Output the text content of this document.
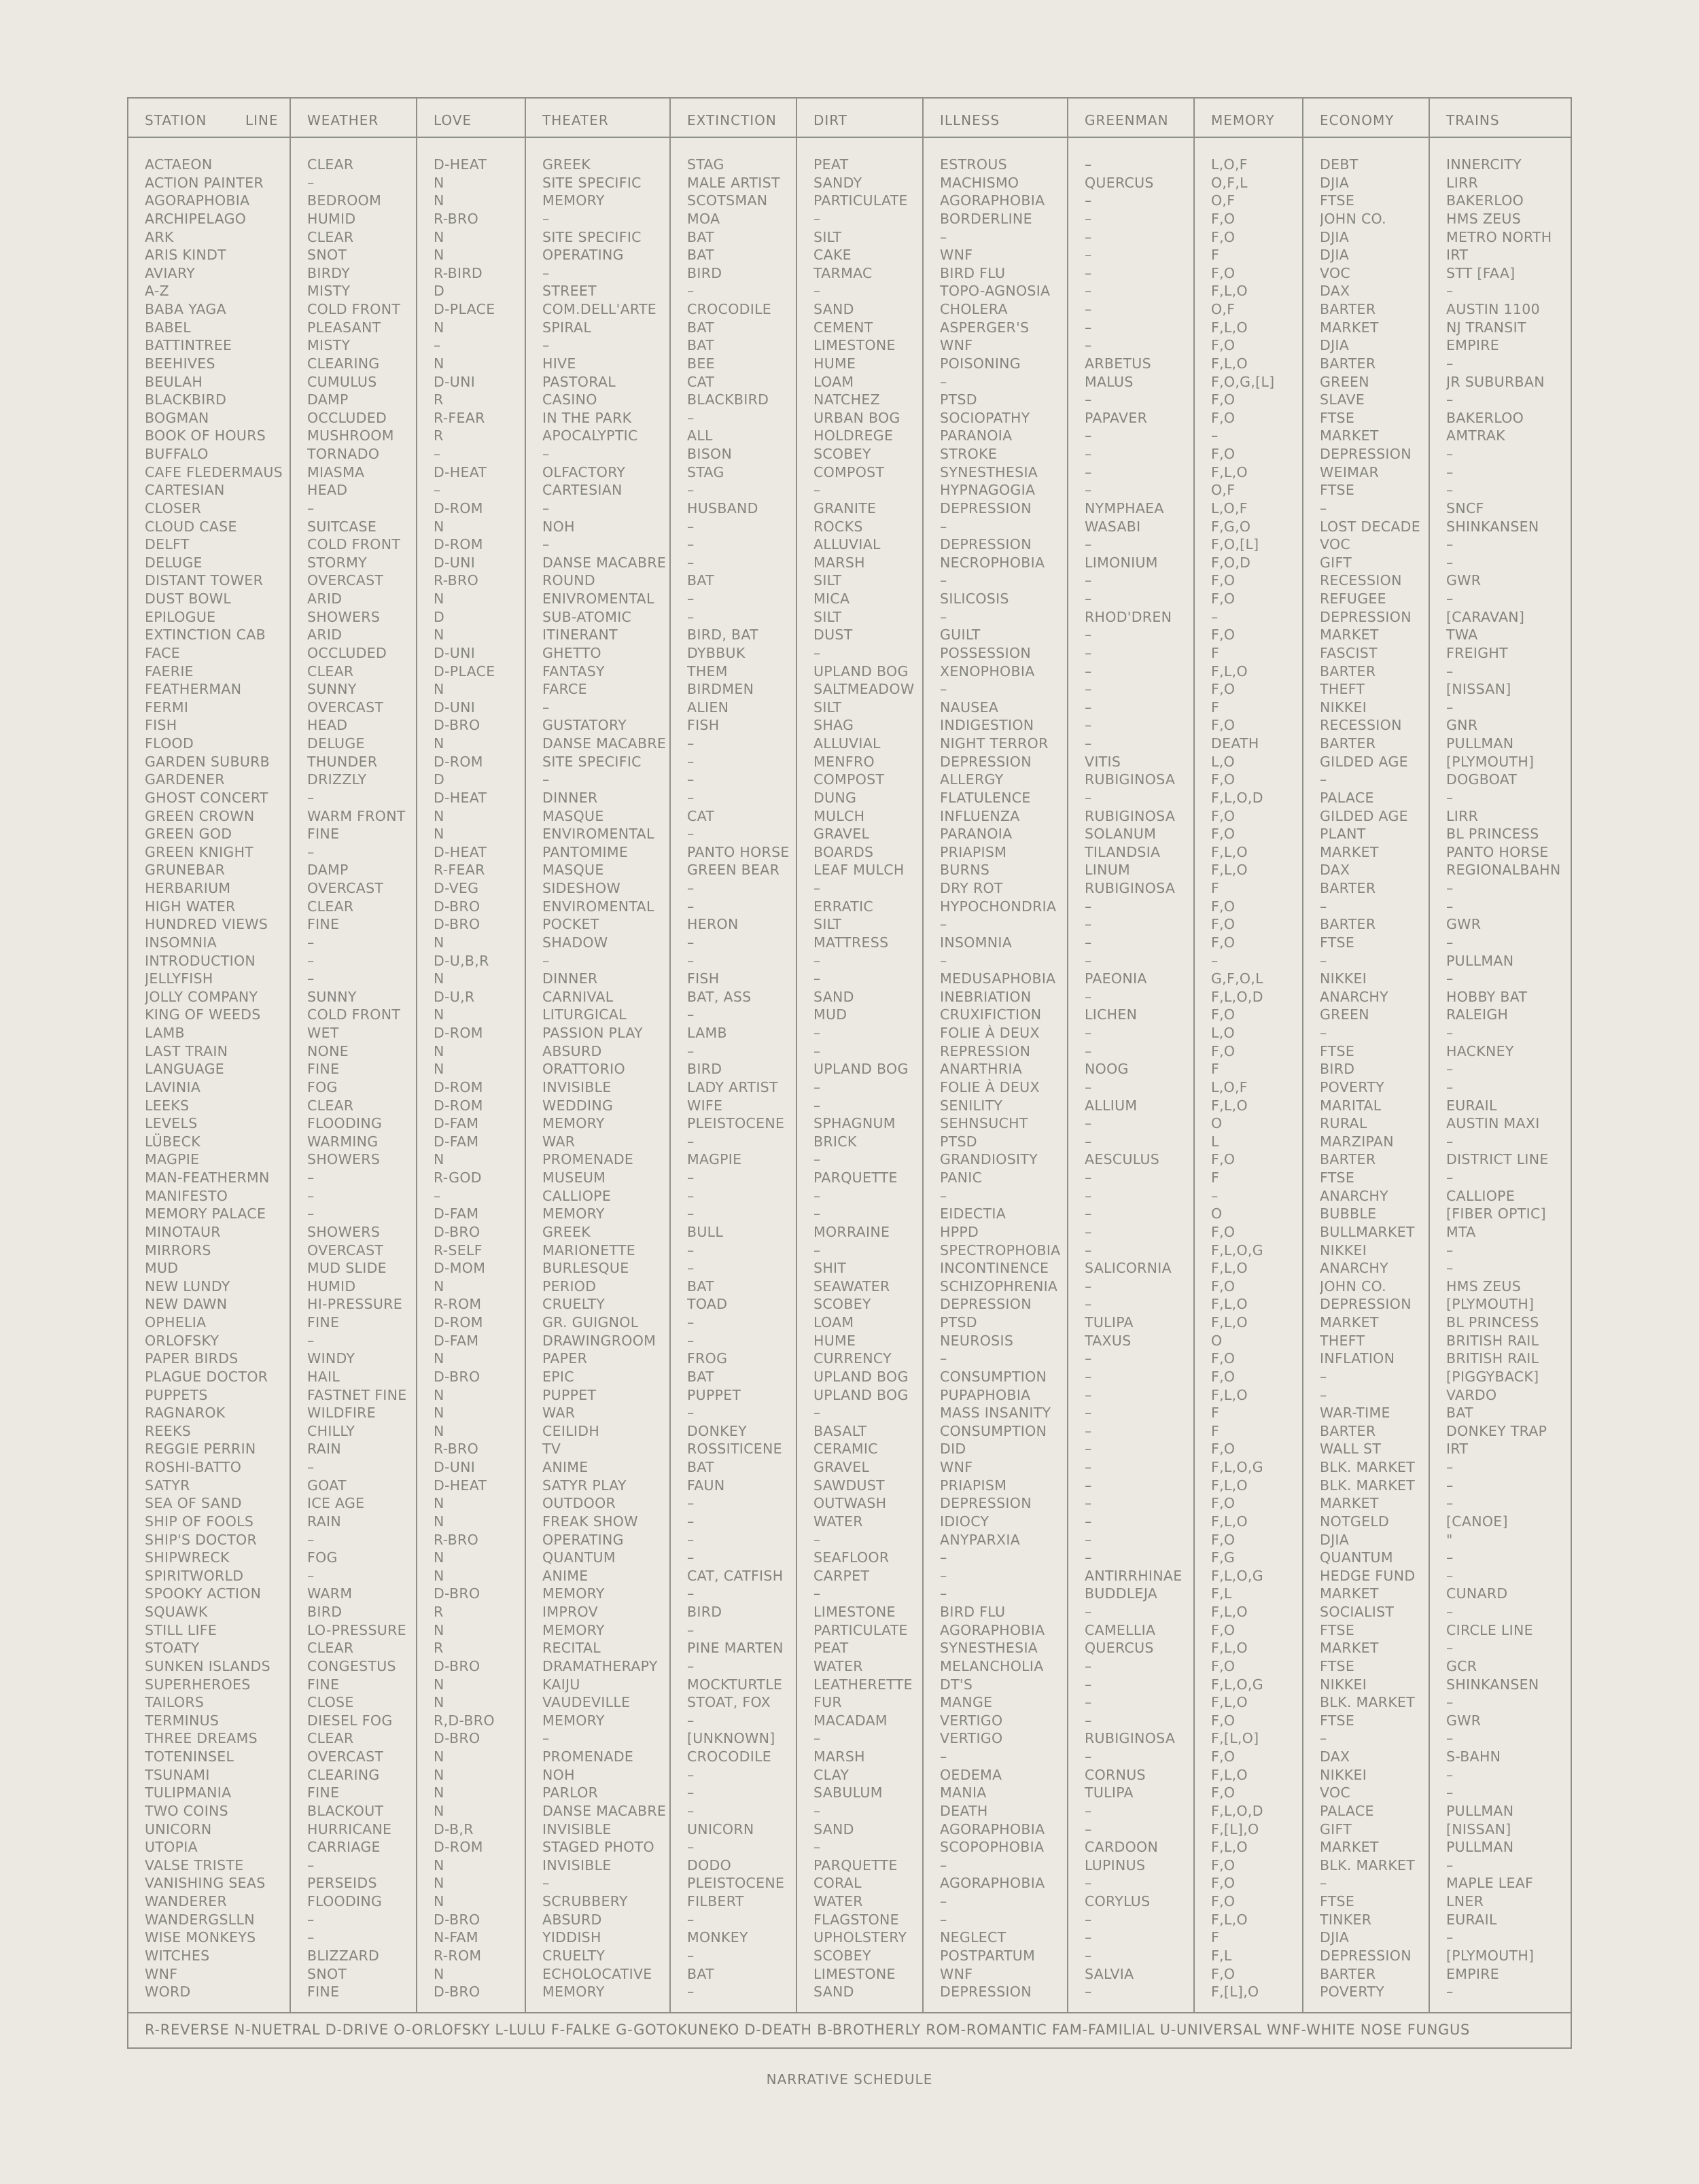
STATION	LINE
ACTAEON
ACTION PAINTER
AGORAPHOBIA
ARCHIPELAGO
ARK
ARIS KINDT
AVIARY
A-Z
BABA YAGA
BABEL
BATTINTREE
BEEHIVES
BEULAH
BLACKBIRD
BOGMAN
BOOK OF HOURS
BUFFALO
CAFE FLEDERMAUS
CARTESIAN
CLOSER
CLOUD CASE
DELFT
DELUGE
DISTANT TOWER
DUST BOWL
EPILOGUE
EXTINCTION CAB
FACE
FAERIE
FEATHERMAN
FERMI
FISH
FLOOD
GARDEN SUBURB
GARDENER
GHOST CONCERT
GREEN CROWN
GREEN GOD
GREEN KNIGHT
GRUNEBAR
HERBARIUM
HIGH WATER
HUNDRED VIEWS
INSOMNIA
INTRODUCTION
JELLYFISH
JOLLY COMPANY
KING OF WEEDS
LAMB
LAST TRAIN
LANGUAGE
LAVINIA
LEEKS
LEVELS
LÜBECK
MAGPIE
MAN-FEATHERMN
MANIFESTO
MEMORY PALACE
MINOTAUR
MIRRORS
MUD
NEW LUNDY
NEW DAWN
OPHELIA
ORLOFSKY
PAPER BIRDS
PLAGUE DOCTOR
PUPPETS
RAGNAROK
REEKS
REGGIE PERRIN
ROSHI-BATTO
SATYR
SEA OF SAND
SHIP OF FOOLS
SHIP'S DOCTOR
SHIPWRECK
SPIRITWORLD
SPOOKY ACTION
SQUAWK
STILL LIFE
STOATY
SUNKEN ISLANDS
SUPERHEROES
TAILORS
TERMINUS
THREE DREAMS
TOTENINSEL
TSUNAMI
TULIPMANIA
TWO COINS
UNICORN
UTOPIA
VALSE TRISTE
VANISHING SEAS
WANDERER
WANDERGSLLN
WISE MONKEYS
WITCHES
WNF
WORD
WEATHER
CLEAR
–
BEDROOM
HUMID
CLEAR
SNOT
BIRDY
MISTY
COLD FRONT
PLEASANT
MISTY
CLEARING
CUMULUS
DAMP
OCCLUDED
MUSHROOM
TORNADO
MIASMA
HEAD
–
SUITCASE
COLD FRONT
STORMY
OVERCAST
ARID
SHOWERS
ARID
OCCLUDED
CLEAR
SUNNY
OVERCAST
HEAD
DELUGE
THUNDER
DRIZZLY
–
WARM FRONT
FINE
–
DAMP
OVERCAST
CLEAR
FINE
–
–
–
SUNNY
COLD FRONT
WET
NONE
FINE
FOG
CLEAR
FLOODING
WARMING
SHOWERS
–
–
–
SHOWERS
OVERCAST
MUD SLIDE
HUMID
HI-PRESSURE
FINE
–
WINDY
HAIL
FASTNET FINE
WILDFIRE
CHILLY
RAIN
–
GOAT
ICE AGE
RAIN
–
FOG
–
WARM
BIRD
LO-PRESSURE
CLEAR
CONGESTUS
FINE
CLOSE
DIESEL FOG
CLEAR
OVERCAST
CLEARING
FINE
BLACKOUT
HURRICANE
CARRIAGE
–
PERSEIDS
FLOODING
–
–
BLIZZARD
SNOT
FINE
LOVE
D-HEAT
N
N
R-BRO
N
N
R-BIRD
D
D-PLACE
N
–
N
D-UNI
R
R-FEAR
R
–
D-HEAT
–
D-ROM
N
D-ROM
D-UNI
R-BRO
N
D
N
D-UNI
D-PLACE
N
D-UNI
D-BRO
N
D-ROM
D
D-HEAT
N
N
D-HEAT
R-FEAR
D-VEG
D-BRO
D-BRO
N
D-U,B,R
N
D-U,R
N
D-ROM
N
N
D-ROM
D-ROM
D-FAM
D-FAM
N
R-GOD
–
D-FAM
D-BRO
R-SELF
D-MOM
N
R-ROM
D-ROM
D-FAM
N
D-BRO
N
N
N
R-BRO
D-UNI
D-HEAT
N
N
R-BRO
N
N
D-BRO
R
N
R
D-BRO
N
N
R,D-BRO
D-BRO
N
N
N
N
D-B,R
D-ROM
N
N
N
D-BRO
N-FAM
R-ROM
N
D-BRO
THEATER
GREEK
SITE SPECIFIC
MEMORY
–
SITE SPECIFIC
OPERATING
–
STREET
COM.DELL'ARTE
SPIRAL
–
HIVE
PASTORAL
CASINO
IN THE PARK
APOCALYPTIC
–
OLFACTORY
CARTESIAN
–
NOH
–
DANSE MACABRE
ROUND
ENIVROMENTAL
SUB-ATOMIC
ITINERANT
GHETTO
FANTASY
FARCE
–
GUSTATORY
DANSE MACABRE
SITE SPECIFIC
–
DINNER
MASQUE
ENVIROMENTAL
PANTOMIME
MASQUE
SIDESHOW
ENVIROMENTAL
POCKET
SHADOW
–
DINNER
CARNIVAL
LITURGICAL
PASSION PLAY
ABSURD
ORATTORIO
INVISIBLE
WEDDING
MEMORY
WAR
PROMENADE
MUSEUM
CALLIOPE
MEMORY
GREEK
MARIONETTE
BURLESQUE
PERIOD
CRUELTY
GR. GUIGNOL
DRAWINGROOM
PAPER
EPIC
PUPPET
WAR
CEILIDH
TV
ANIME
SATYR PLAY
OUTDOOR
FREAK SHOW
OPERATING
QUANTUM
ANIME
MEMORY
IMPROV
MEMORY
RECITAL
DRAMATHERAPY
KAIJU
VAUDEVILLE
MEMORY
–
PROMENADE
NOH
PARLOR
DANSE MACABRE
INVISIBLE
STAGED PHOTO
INVISIBLE
–
SCRUBBERY
ABSURD
YIDDISH
CRUELTY
ECHOLOCATIVE
MEMORY
EXTINCTION
STAG
MALE ARTIST
SCOTSMAN
MOA
BAT
BAT
BIRD
–
CROCODILE
BAT
BAT
BEE
CAT
BLACKBIRD
–
ALL
BISON
STAG
–
HUSBAND
–
–
–
BAT
–
–
BIRD, BAT
DYBBUK
THEM
BIRDMEN
ALIEN
FISH
–
–
–
–
CAT
–
PANTO HORSE
GREEN BEAR
–
–
HERON
–
–
FISH
BAT, ASS
–
LAMB
–
BIRD
LADY ARTIST
WIFE
PLEISTOCENE
–
MAGPIE
–
–
–
BULL
–
–
BAT
TOAD
–
–
FROG
BAT
PUPPET
–
DONKEY
ROSSITICENE
BAT
FAUN
–
–
–
–
CAT, CATFISH
–
BIRD
–
PINE MARTEN
–
MOCKTURTLE
STOAT, FOX
–
[UNKNOWN]
CROCODILE
–
–
–
UNICORN
–
DODO
PLEISTOCENE
FILBERT
–
MONKEY
–
BAT
–
DIRT
PEAT
SANDY
PARTICULATE
–
SILT
CAKE
TARMAC
–
SAND
CEMENT
LIMESTONE
HUME
LOAM
NATCHEZ
URBAN BOG
HOLDREGE
SCOBEY
COMPOST
–
GRANITE
ROCKS
ALLUVIAL
MARSH
SILT
MICA
SILT
DUST
–
UPLAND BOG
SALTMEADOW
SILT
SHAG
ALLUVIAL
MENFRO
COMPOST
DUNG
MULCH
GRAVEL
BOARDS
LEAF MULCH
–
ERRATIC
SILT
MATTRESS
–
–
SAND
MUD
–
–
UPLAND BOG
–
–
SPHAGNUM
BRICK
–
PARQUETTE
–
–
MORRAINE
–
SHIT
SEAWATER
SCOBEY
LOAM
HUME
CURRENCY
UPLAND BOG
UPLAND BOG
–
BASALT
CERAMIC
GRAVEL
SAWDUST
OUTWASH
WATER
–
SEAFLOOR
CARPET
–
LIMESTONE
PARTICULATE
PEAT
WATER
LEATHERETTE
FUR
MACADAM
–
MARSH
CLAY
SABULUM
–
SAND
–
PARQUETTE
CORAL
WATER
FLAGSTONE
UPHOLSTERY
SCOBEY
LIMESTONE
SAND
ILLNESS
ESTROUS
MACHISMO
AGORAPHOBIA
BORDERLINE
–
WNF
BIRD FLU
TOPO-AGNOSIA
CHOLERA
ASPERGER'S
WNF
POISONING
–
PTSD
SOCIOPATHY
PARANOIA
STROKE
SYNESTHESIA
HYPNAGOGIA
DEPRESSION
–
DEPRESSION
NECROPHOBIA
–
SILICOSIS
–
GUILT
POSSESSION
XENOPHOBIA
–
NAUSEA
INDIGESTION
NIGHT TERROR
DEPRESSION
ALLERGY
FLATULENCE
INFLUENZA
PARANOIA
PRIAPISM
BURNS
DRY ROT
HYPOCHONDRIA
–
INSOMNIA
–
MEDUSAPHOBIA
INEBRIATION
CRUXIFICTION
FOLIE À DEUX
REPRESSION
ANARTHRIA
FOLIE À DEUX
SENILITY
SEHNSUCHT
PTSD
GRANDIOSITY
PANIC
–
EIDECTIA
HPPD
SPECTROPHOBIA
INCONTINENCE
SCHIZOPHRENIA
DEPRESSION
PTSD
NEUROSIS
–
CONSUMPTION
PUPAPHOBIA
MASS INSANITY
CONSUMPTION
DID
WNF
PRIAPISM
DEPRESSION
IDIOCY
ANYPARXIA
–
–
–
BIRD FLU
AGORAPHOBIA
SYNESTHESIA
MELANCHOLIA
DT'S
MANGE
VERTIGO
VERTIGO
–
OEDEMA
MANIA
DEATH
AGORAPHOBIA
SCOPOPHOBIA
–
AGORAPHOBIA
–
–
NEGLECT
POSTPARTUM
WNF
DEPRESSION
GREENMAN
–
QUERCUS
–
–
–
–
–
–
–
–
–
ARBETUS
MALUS
–
PAPAVER
–
–
–
–
NYMPHAEA
WASABI
–
LIMONIUM
–
–
RHOD'DREN
–
–
–
–
–
–
–
VITIS
RUBIGINOSA
–
RUBIGINOSA
SOLANUM
TILANDSIA
LINUM
RUBIGINOSA
–
–
–
–
PAEONIA
–
LICHEN
–
–
NOOG
–
ALLIUM
–
–
AESCULUS
–
–
–
–
–
SALICORNIA
–
–
TULIPA
TAXUS
–
–
–
–
–
–
–
–
–
–
–
–
ANTIRRHINAE
BUDDLEJA
–
CAMELLIA
QUERCUS
–
–
–
–
RUBIGINOSA
–
CORNUS
TULIPA
–
–
CARDOON
LUPINUS
–
CORYLUS
–
–
–
SALVIA
–
MEMORY
L,O,F
O,F,L
O,F
F,O
F,O
F
F,O
F,L,O
O,F
F,L,O
F,O
F,L,O
F,O,G,[L]
F,O
F,O
–
F,O
F,L,O
O,F
L,O,F
F,G,O
F,O,[L]
F,O,D
F,O
F,O
–
F,O
F
F,L,O
F,O
F
F,O
DEATH
L,O
F,O
F,L,O,D
F,O
F,O
F,L,O
F,L,O
F
F,O
F,O
F,O
–
G,F,O,L
F,L,O,D
F,O
L,O
F,O
F
L,O,F
F,L,O
O
L
F,O
F
–
O
F,O
F,L,O,G
F,L,O
F,O
F,L,O
F,L,O
O
F,O
F,O
F,L,O
F
F
F,O
F,L,O,G
F,L,O
F,O
F,L,O
F,O
F,G
F,L,O,G
F,L
F,L,O
F,O
F,L,O
F,O
F,L,O,G
F,L,O
F,O
F,[L,O]
F,O
F,L,O
F,O
F,L,O,D
F,[L],O
F,L,O
F,O
F,O
F,O
F,L,O
F
F,L
F,O
F,[L],O
ECONOMY
DEBT
DJIA
FTSE
JOHN CO.
DJIA
DJIA
VOC
DAX
BARTER
MARKET
DJIA
BARTER
GREEN
SLAVE
FTSE
MARKET
DEPRESSION
WEIMAR
FTSE
–
LOST DECADE
VOC
GIFT
RECESSION
REFUGEE
DEPRESSION
MARKET
FASCIST
BARTER
THEFT
NIKKEI
RECESSION
BARTER
GILDED AGE
–
PALACE
GILDED AGE
PLANT
MARKET
DAX
BARTER
–
BARTER
FTSE
–
NIKKEI
ANARCHY
GREEN
–
FTSE
BIRD
POVERTY
MARITAL
RURAL
MARZIPAN
BARTER
FTSE
ANARCHY
BUBBLE
BULLMARKET
NIKKEI
ANARCHY
JOHN CO.
DEPRESSION
MARKET
THEFT
INFLATION
–
–
WAR-TIME
BARTER
WALL ST
BLK. MARKET
BLK. MARKET
MARKET
NOTGELD
DJIA
QUANTUM
HEDGE FUND
MARKET
SOCIALIST
FTSE
MARKET
FTSE
NIKKEI
BLK. MARKET
FTSE
–
DAX
NIKKEI
VOC
PALACE
GIFT
MARKET
BLK. MARKET
–
FTSE
TINKER
DJIA
DEPRESSION
BARTER
POVERTY
TRAINS
INNERCITY
LIRR
BAKERLOO
HMS ZEUS
METRO NORTH
IRT
STT [FAA]
–
AUSTIN 1100
NJ TRANSIT
EMPIRE
–
JR SUBURBAN
–
BAKERLOO
AMTRAK
–
–
–
SNCF
SHINKANSEN
–
–
GWR
–
[CARAVAN]
TWA
FREIGHT
–
[NISSAN]
–
GNR
PULLMAN
[PLYMOUTH]
DOGBOAT
–
LIRR
BL PRINCESS
PANTO HORSE
REGIONALBAHN
–
–
GWR
–
PULLMAN
–
HOBBY BAT
RALEIGH
–
HACKNEY
–
–
EURAIL
AUSTIN MAXI
–
DISTRICT LINE
–
CALLIOPE
[FIBER OPTIC]
MTA
–
–
HMS ZEUS
[PLYMOUTH]
BL PRINCESS
BRITISH RAIL
BRITISH RAIL
[PIGGYBACK]
VARDO
BAT
DONKEY TRAP
IRT
–
–
–
[CANOE]
"
–
–
CUNARD
–
CIRCLE LINE
–
GCR
SHINKANSEN
–
GWR
–
S-BAHN
–
–
PULLMAN
[NISSAN]
PULLMAN
–
MAPLE LEAF
LNER
EURAIL
–
[PLYMOUTH]
EMPIRE
–
R-REVERSE N-NUETRAL D-DRIVE O-ORLOFSKY L-LULU F-FALKE G-GOTOKUNEKO D-DEATH B-BROTHERLY ROM-ROMANTIC FAM-FAMILIAL U-UNIVERSAL WNF-WHITE NOSE FUNGUS
NARRATIVE SCHEDULE
